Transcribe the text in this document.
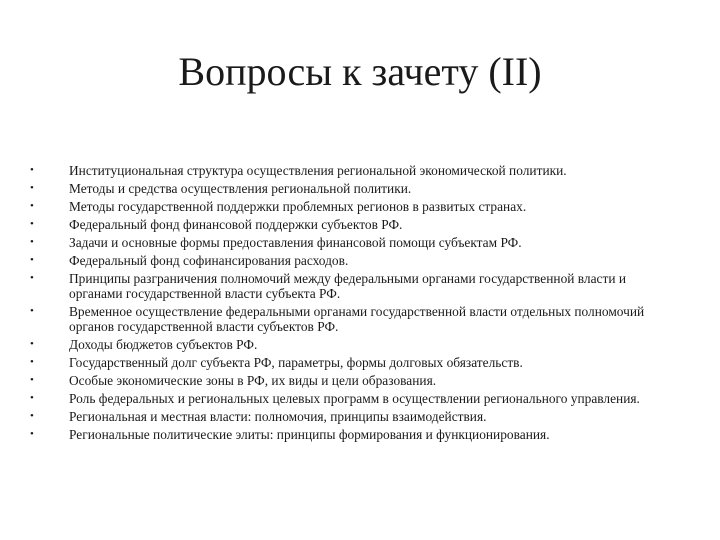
Вопросы к зачету (II)
•	Институциональная структура осуществления региональной экономической политики.
•	Методы и средства осуществления региональной политики.
•	Методы государственной поддержки проблемных регионов в развитых странах.
•	Федеральный фонд финансовой поддержки субъектов РФ.
•	Задачи и основные формы предоставления финансовой помощи субъектам РФ.
•	Федеральный фонд софинансирования расходов.
•	Принципы разграничения полномочий между федеральными органами государственной власти и органами государственной власти субъекта РФ.
•	Временное осуществление федеральными органами государственной власти отдельных полномочий органов государственной власти субъектов РФ.
•	Доходы бюджетов субъектов РФ.
•	Государственный долг субъекта РФ, параметры, формы долговых обязательств.
•	Особые экономические зоны в РФ, их виды и цели образования.
•	Роль федеральных и региональных целевых программ в осуществлении регионального управления.
•	Региональная и местная власти: полномочия, принципы взаимодействия.
•	Региональные политические элиты: принципы формирования и функционирования.
